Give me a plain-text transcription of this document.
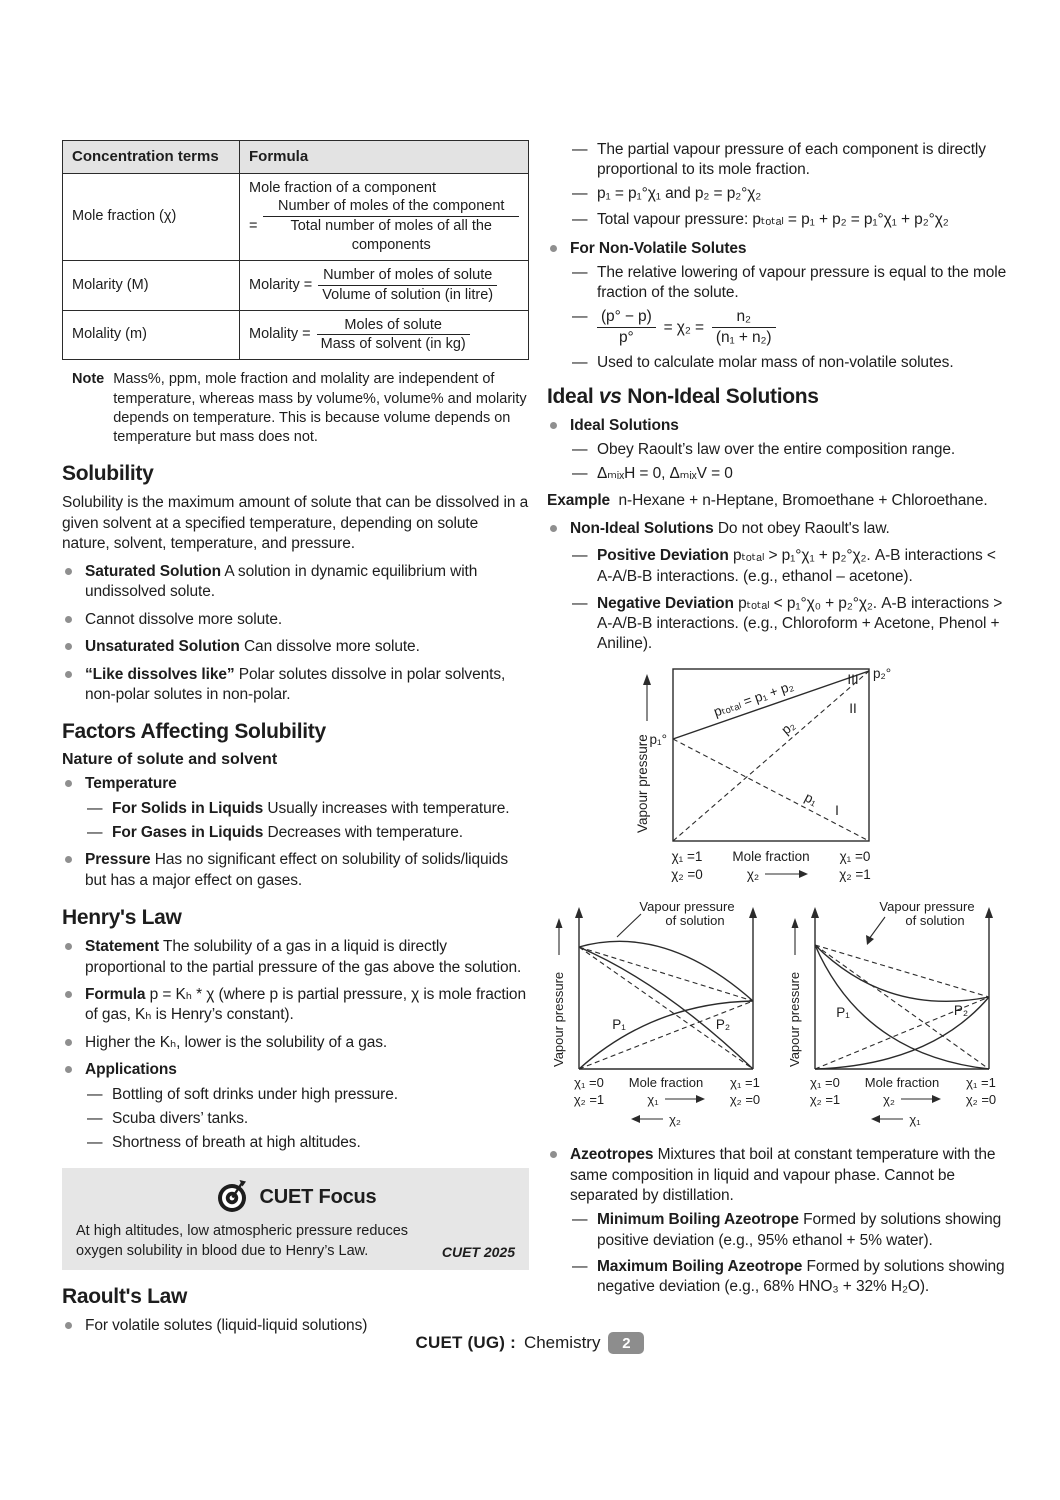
Concentration terms	Formula
Mole fraction (χ)	Mole fraction of a component
= $\frac{\text{Number of moles of the component}}{\text{Total number of moles of all the components}}$

Molarity (M)	Molarity = $\frac{\text{Number of moles of solute}}{\text{Volume of solution (in litre)}}$

Molality (m)	Molality = $\frac{\text{Moles of solute}}{\text{Mass of solvent (in kg)}}$
Note Mass%, ppm, mole fraction and molality are independent of temperature, whereas mass by volume%, volume% and molarity depends on temperature. This is because volume depends on temperature but mass does not.
Solubility

Solubility is the maximum amount of solute that can be dissolved in a given solvent at a specified temperature, depending on solute nature, solvent, temperature, and pressure.

Saturated Solution A solution in dynamic equilibrium with undissolved solute.
Cannot dissolve more solute.
Unsaturated Solution Can dissolve more solute.
“Like dissolves like” Polar solutes dissolve in polar solvents, non-polar solutes in non-polar.
Factors Affecting Solubility
Nature of solute and solvent
Temperature
— For Solids in Liquids Usually increases with temperature.
— For Gases in Liquids Decreases with temperature.
Pressure Has no significant effect on solubility of solids/liquids but has a major effect on gases.
Henry's Law
Statement The solubility of a gas in a liquid is directly proportional to the partial pressure of the gas above the solution.
Formula p = Kₕ * χ (where p is partial pressure, χ is mole fraction of gas, Kₕ is Henry’s constant).
Higher the Kₕ, lower is the solubility of a gas.
Applications
— Bottling of soft drinks under high pressure.
— Scuba divers’ tanks.
— Shortness of breath at high altitudes.
CUET Focus
At high altitudes, low atmospheric pressure reduces oxygen solubility in blood due to Henry’s Law.	CUET 2025
Raoult's Law
For volatile solutes (liquid-liquid solutions)
— The partial vapour pressure of each component is directly proportional to its mole fraction.
— p₁ = p₁°χ₁ and p₂ = p₂°χ₂
— Total vapour pressure: pₜₒₜₐₗ = p₁ + p₂ = p₁°χ₁ + p₂°χ₂
For Non-Volatile Solutes
— The relative lowering of vapour pressure is equal to the mole fraction of the solute.
— $\frac{(p^\circ - p)}{p^\circ} = \chi_2 = \frac{\text{n₂}}{\text{(n₁ + n₂)}}$
— Used to calculate molar mass of non-volatile solutes.
Ideal vs Non-Ideal Solutions
Ideal Solutions
— Obey Raoult’s law over the entire composition range.
— ΔₘᵢₓH = 0, ΔₘᵢₓV = 0

Example n-Hexane + n-Heptane, Bromoethane + Chloroethane.

Non-Ideal Solutions Do not obey Raoult's law.
— Positive Deviation pₜₒₜₐₗ > p₁°χ₁ + p₂°χ₂. A-B interactions < A-A/B-B interactions. (e.g., ethanol – acetone).
— Negative Deviation pₜₒₜₐₗ < p₁°χ₀ + p₂°χ₂. A-B interactions > A-A/B-B interactions. (e.g., Chloroform + Acetone, Phenol + Aniline).
Vapour pressure p₁°
p₂°
III
II
I
pₜₒₜₐₗ = p₁ + p₂
p₂
p₁
χ₁ =1
χ₂ =0
Mole fraction
χ₂
χ₁ =0
χ₂ =1
Vapour pressure
Vapour pressure
of solution
P₁	P₂
χ₁ =0
χ₂ =1
Mole fraction
χ₁
χ₁ =1
χ₂ =0
χ₂
Vapour pressure
Vapour pressure
of solution
P₁	P₂
χ₁ =0
χ₂ =1
Mole fraction
χ₂
χ₁ =1
χ₂ =0
χ₁
Azeotropes Mixtures that boil at constant temperature with the same composition in liquid and vapour phase. Cannot be separated by distillation.
— Minimum Boiling Azeotrope Formed by solutions showing positive deviation (e.g., 95% ethanol + 5% water).
— Maximum Boiling Azeotrope Formed by solutions showing negative deviation (e.g., 68% HNO₃ + 32% H₂O).
CUET (UG) : Chemistry	2
